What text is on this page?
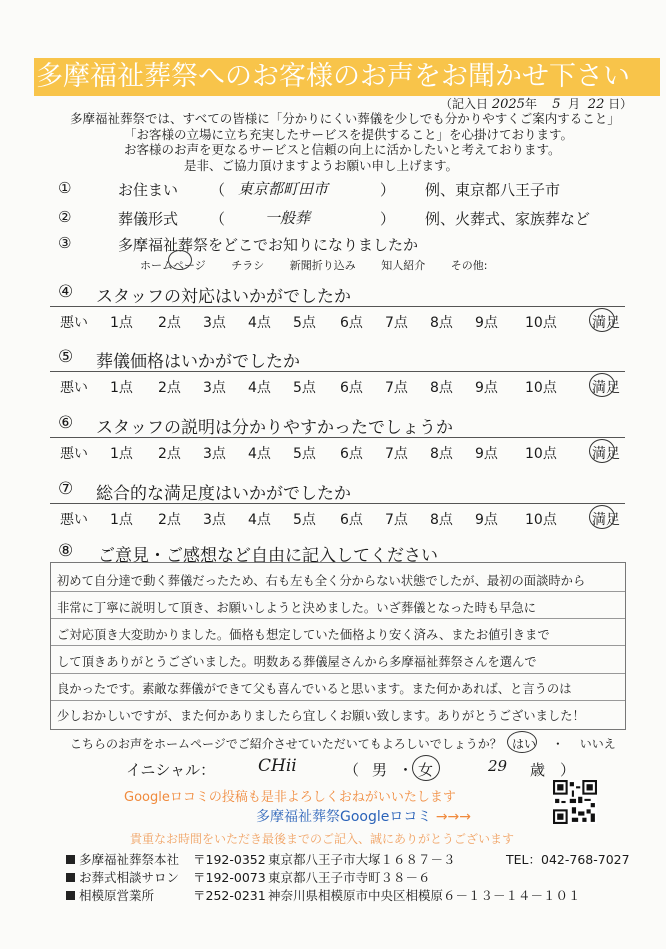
多摩福祉葬祭へのお客様のお声をお聞かせ下さい
（記入日 2025年 5 月 22 日）
多摩福祉葬祭では、すべての皆様に「分かりにくい葬儀を少しでも分かりやすくご案内すること」
「お客様の立場に立ち充実したサービスを提供すること」を心掛けております。
お客様のお声を更なるサービスと信頼の向上に活かしたいと考えております。
是非、ご協力頂けますようお願い申し上げます。
①	お住まい （ 東京都町田市	） 例、東京都八王子市
②	葬儀形式 （	一般葬	） 例、火葬式、家族葬など
③	多摩福祉葬祭をどこでお知りになりましたか
ホームページ チラシ 新聞折り込み 知人紹介 その他:
④ スタッフの対応はいかがでしたか
悪い 1点 2点 3点 4点 5点 6点 7点 8点 9点 10点	満足
⑤ 葬儀価格はいかがでしたか
悪い 1点 2点 3点 4点 5点 6点 7点 8点 9点 10点	満足
⑥ スタッフの説明は分かりやすかったでしょうか
悪い 1点 2点 3点 4点 5点 6点 7点 8点 9点 10点	満足
⑦ 総合的な満足度はいかがでしたか
悪い 1点 2点 3点 4点 5点 6点 7点 8点 9点 10点	満足
⑧ ご意見・ご感想など自由に記入してください
初めて自分達で動く葬儀だったため、右も左も全く分からない状態でしたが、最初の面談時から
非常に丁寧に説明して頂き、お願いしようと決めました。いざ葬儀となった時も早急に
ご対応頂き大変助かりました。価格も想定していた価格より安く済み、またお値引きまで
して頂きありがとうございました。明数ある葬儀屋さんから多摩福祉葬祭さんを選んで
良かったです。素敵な葬儀ができて父も喜んでいると思います。また何かあれば、と言うのは
少しおかしいですが、また何かありましたら宜しくお願い致します。ありがとうございました！
こちらのお声をホームページでご紹介させていただいてもよろしいでしょうか？ はい ・ いいえ
イニシャル：	CHii	（ 男 ・ 女	29 歳 ）
Googleロコミの投稿も是非よろしくおねがいいたします
多摩福祉葬祭Googleロコミ →→→
貴重なお時間をいただき最後までのご記入、誠にありがとうございます
多摩福祉葬祭本社 〒192-0352 東京都八王子市大塚１６８７－３	TEL：042-768-7027
お葬式相談サロン 〒192-0073 東京都八王子市寺町３８－６
相模原営業所	〒252-0231 神奈川県相模原市中央区相模原６－１３－１４－１０１
